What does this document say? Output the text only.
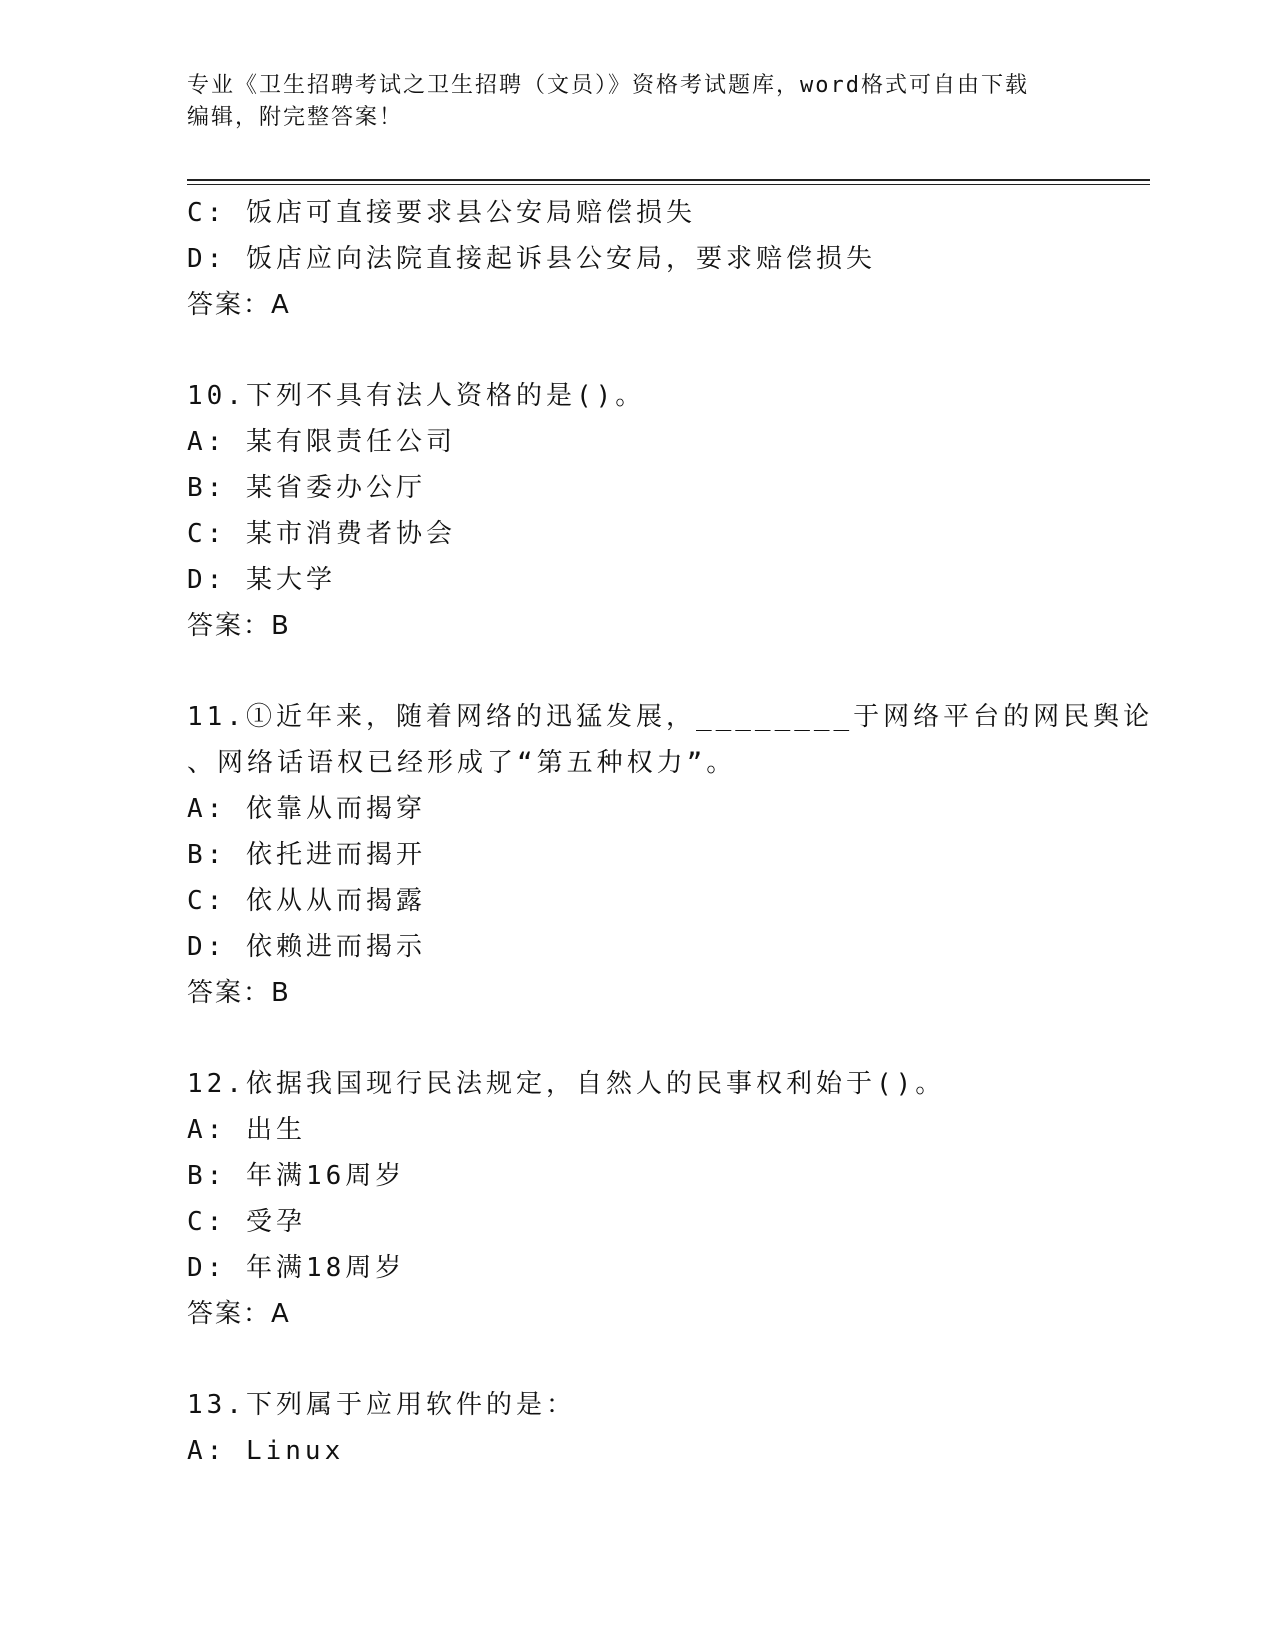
专业《卫生招聘考试之卫生招聘（文员）》资格考试题库，word格式可自由下载
编辑，附完整答案！
C: 饭店可直接要求县公安局赔偿损失
D: 饭店应向法院直接起诉县公安局，要求赔偿损失
答案：A
10.下列不具有法人资格的是()。
A: 某有限责任公司
B: 某省委办公厅
C: 某市消费者协会
D: 某大学
答案：B
11.①近年来，随着网络的迅猛发展，________于网络平台的网民舆论
、网络话语权已经形成了“第五种权力”。
A: 依靠从而揭穿
B: 依托进而揭开
C: 依从从而揭露
D: 依赖进而揭示
答案：B
12.依据我国现行民法规定，自然人的民事权利始于()。
A: 出生
B: 年满16周岁
C: 受孕
D: 年满18周岁
答案：A
13.下列属于应用软件的是：
A: Linux
